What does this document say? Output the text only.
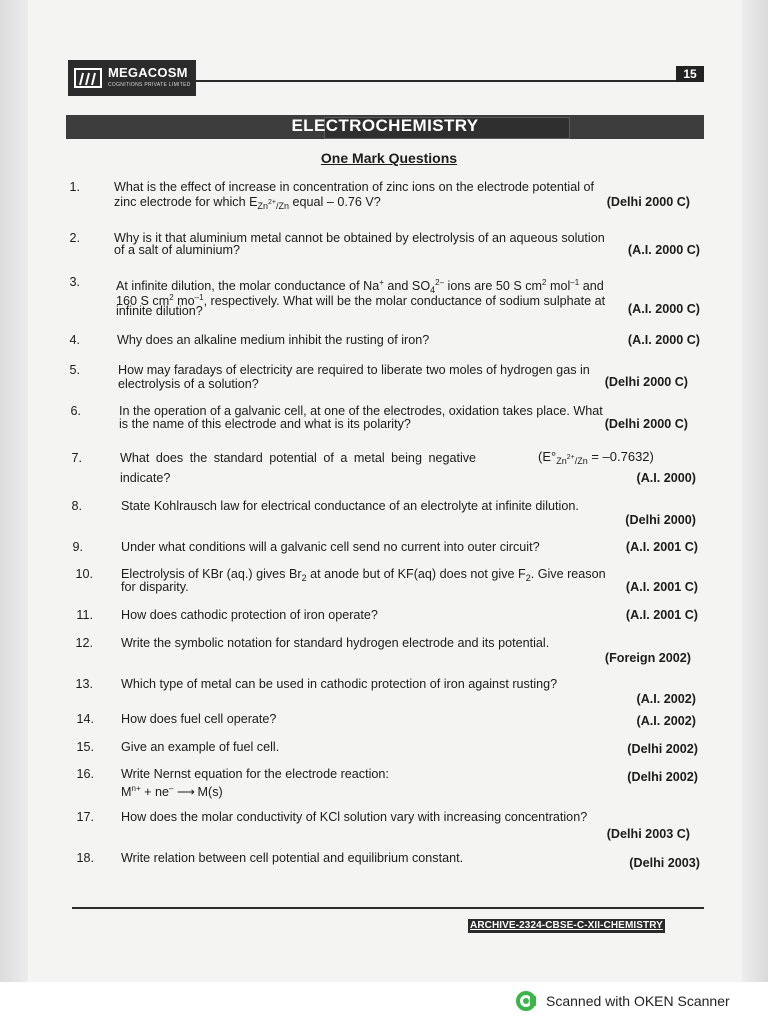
MEGACOSM
COGNITIONS PRIVATE LIMITED
15
ELECTROCHEMISTRY
One Mark Questions
1.	What is the effect of increase in concentration of zinc ions on the electrode potential of
zinc electrode for which $E_{Zn^{2+}/Zn}$ equal – 0.76 V?	(Delhi 2000 C)
2.	Why is it that aluminium metal cannot be obtained by electrolysis of an aqueous solution
of a salt of aluminium?	(A.I. 2000 C)
3.	At infinite dilution, the molar conductance of Na+ and $SO_4^{2-}$ ions are 50 S $cm^2$ mol$^{-1}$ and
160 S $cm^2$ $mo^{-1}$, respectively. What will be the molar conductance of sodium sulphate at
infinite dilution?	(A.I. 2000 C)
4.	Why does an alkaline medium inhibit the rusting of iron?	(A.I. 2000 C)
5.	How may faradays of electricity are required to liberate two moles of hydrogen gas in
electrolysis of a solution?	(Delhi 2000 C)
6.	In the operation of a galvanic cell, at one of the electrodes, oxidation takes place. What
is the name of this electrode and what is its polarity?	(Delhi 2000 C)
7.	What does the standard potential of a metal being negative	$(E^\circ_{Zn^{2+}/Zn} = -0.7632)$
indicate?	(A.I. 2000)
8.	State Kohlrausch law for electrical conductance of an electrolyte at infinite dilution.
(Delhi 2000)
9.	Under what conditions will a galvanic cell send no current into outer circuit?	(A.I. 2001 C)
10. Electrolysis of KBr (aq.) gives $Br_2$ at anode but of KF(aq) does not give $F_2$. Give reason
for disparity.	(A.I. 2001 C)
11. How does cathodic protection of iron operate?	(A.I. 2001 C)
12. Write the symbolic notation for standard hydrogen electrode and its potential.
(Foreign 2002)
13. Which type of metal can be used in cathodic protection of iron against rusting?
(A.I. 2002)
14. How does fuel cell operate?	(A.I. 2002)
15. Give an example of fuel cell.	(Delhi 2002)
16. Write Nernst equation for the electrode reaction:
$M^{n+} + ne^-$ ⟶ M(s)
(Delhi 2002)
17. How does the molar conductivity of KCl solution vary with increasing concentration?
(Delhi 2003 C)
18. Write relation between cell potential and equilibrium constant.	(Delhi 2003)
ARCHIVE-2324-CBSE-C-XII-CHEMISTRY
Scanned with OKEN Scanner
